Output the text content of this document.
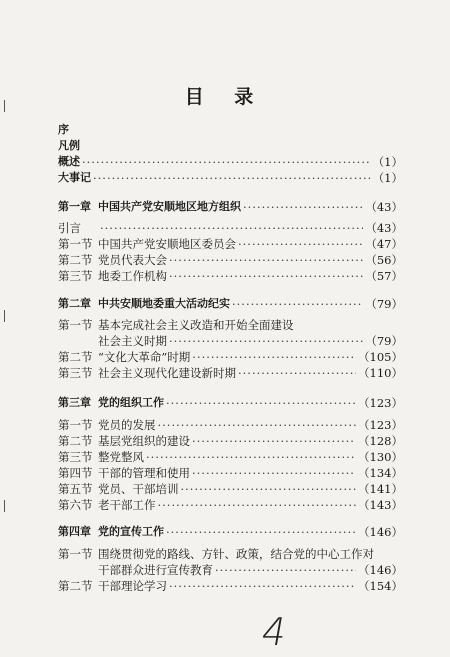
目 录
序
凡例
概述 ·····	（1）
大事记 ·····	（1）
第一章 中国共产党安顺地区地方组织 ·····	（43）
引言 ·····	（43）
第一节 中国共产党安顺地区委员会 ·····	（47）
第二节 党员代表大会 ·····	（56）
第三节 地委工作机构 ·····	（57）
第二章 中共安顺地委重大活动纪实 ·····	（79）
第一节 基本完成社会主义改造和开始全面建设
社会主义时期 ·····	（79）
第二节 “文化大革命”时期 ·····	（105）
第三节 社会主义现代化建设新时期 ·····	（110）
第三章 党的组织工作 ·····	（123）
第一节 党员的发展 ·····	（123）
第二节 基层党组织的建设 ·····	（128）
第三节 整党整风 ·····	（130）
第四节 干部的管理和使用 ·····	（134）
第五节 党员、干部培训 ·····	（141）
第六节 老干部工作 ·····	（143）
第四章 党的宣传工作 ·····	（146）
第一节 围绕贯彻党的路线、方针、政策，结合党的中心工作对
干部群众进行宣传教育 ·····	（146）
第二节 干部理论学习 ·····	（154）
4
